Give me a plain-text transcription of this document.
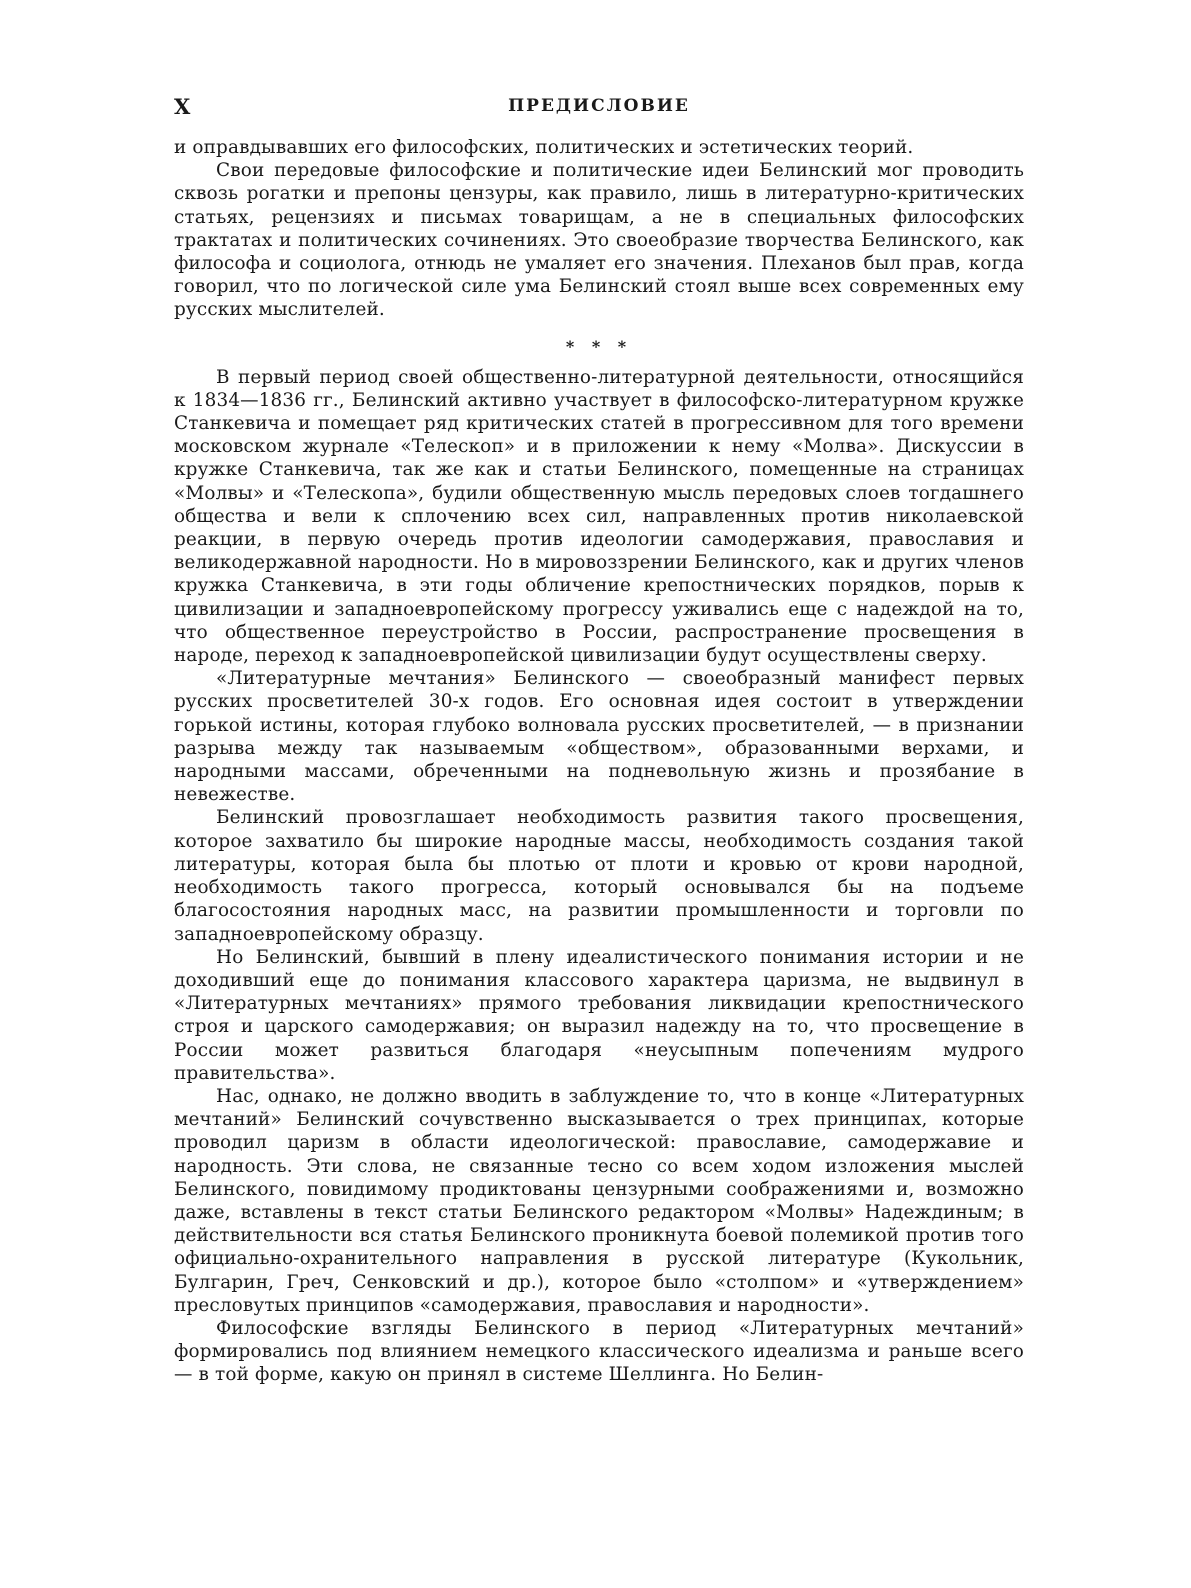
X	ПРЕДИСЛОВИЕ

и оправдывавших его философских, политических и эстетических теорий.

Свои передовые философские и политические идеи Белинский мог проводить сквозь рогатки и препоны цензуры, как правило, лишь в литературно-критических статьях, рецензиях и письмах товарищам, а не в специальных философских трактатах и политических сочинениях. Это своеобразие творчества Белинского, как философа и социолога, отнюдь не умаляет его значения. Плеханов был прав, когда говорил, что по логической силе ума Белинский стоял выше всех современных ему русских мыслителей.

* * *

В первый период своей общественно-литературной деятельности, относящийся к 1834—1836 гг., Белинский активно участвует в философско-литературном кружке Станкевича и помещает ряд критических статей в прогрессивном для того времени московском журнале «Телескоп» и в приложении к нему «Молва». Дискуссии в кружке Станкевича, так же как и статьи Белинского, помещенные на страницах «Молвы» и «Телескопа», будили общественную мысль передовых слоев тогдашнего общества и вели к сплочению всех сил, направленных против николаевской реакции, в первую очередь против идеологии самодержавия, православия и великодержавной народности. Но в мировоззрении Белинского, как и других членов кружка Станкевича, в эти годы обличение крепостнических порядков, порыв к цивилизации и западноевропейскому прогрессу уживались еще с надеждой на то, что общественное переустройство в России, распространение просвещения в народе, переход к западноевропейской цивилизации будут осуществлены сверху.

«Литературные мечтания» Белинского — своеобразный манифест первых русских просветителей 30-х годов. Его основная идея состоит в утверждении горькой истины, которая глубоко волновала русских просветителей, — в признании разрыва между так называемым «обществом», образованными верхами, и народными массами, обреченными на подневольную жизнь и прозябание в невежестве.

Белинский провозглашает необходимость развития такого просвещения, которое захватило бы широкие народные массы, необходимость создания такой литературы, которая была бы плотью от плоти и кровью от крови народной, необходимость такого прогресса, который основывался бы на подъеме благосостояния народных масс, на развитии промышленности и торговли по западноевропейскому образцу.

Но Белинский, бывший в плену идеалистического понимания истории и не доходивший еще до понимания классового характера царизма, не выдвинул в «Литературных мечтаниях» прямого требования ликвидации крепостнического строя и царского самодержавия; он выразил надежду на то, что просвещение в России может развиться благодаря «неусыпным попечениям мудрого правительства».

Нас, однако, не должно вводить в заблуждение то, что в конце «Литературных мечтаний» Белинский сочувственно высказывается о трех принципах, которые проводил царизм в области идеологической: православие, самодержавие и народность. Эти слова, не связанные тесно со всем ходом изложения мыслей Белинского, повидимому продиктованы цензурными соображениями и, возможно даже, вставлены в текст статьи Белинского редактором «Молвы» Надеждиным; в действительности вся статья Белинского проникнута боевой полемикой против того официально-охранительного направления в русской литературе (Кукольник, Булгарин, Греч, Сенковский и др.), которое было «столпом» и «утверждением» пресловутых принципов «самодержавия, православия и народности».

Философские взгляды Белинского в период «Литературных мечтаний» формировались под влиянием немецкого классического идеализма и раньше всего — в той форме, какую он принял в системе Шеллинга. Но Белин-
